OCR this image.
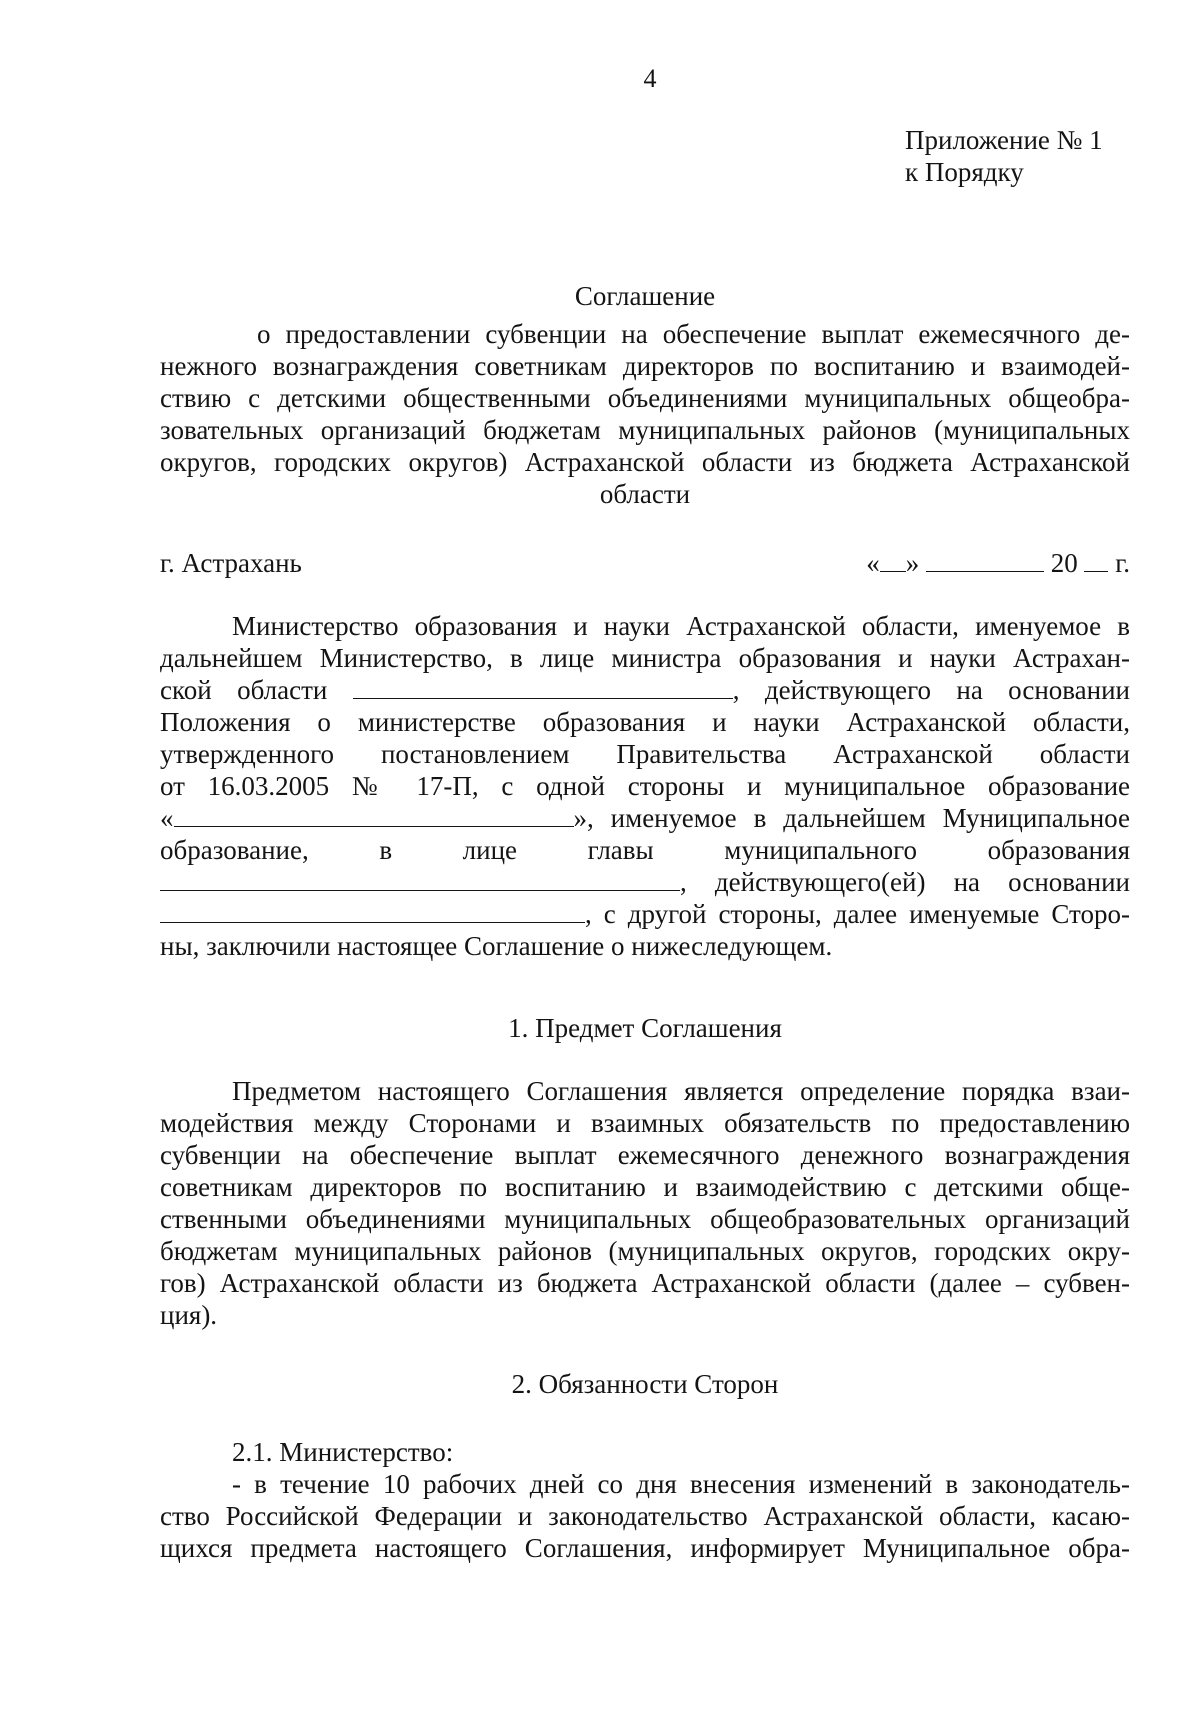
4
Приложение № 1
к Порядку
Соглашение
о предоставлении субвенции на обеспечение выплат ежемесячного де-
нежного вознаграждения советникам директоров по воспитанию и взаимодей-
ствию с детскими общественными объединениями муниципальных общеобра-
зовательных организаций бюджетам муниципальных районов (муниципальных
округов, городских округов) Астраханской области из бюджета Астраханской
области
г. Астрахань	« »	20 г.
Министерство образования и науки Астраханской области, именуемое в
дальнейшем Министерство, в лице министра образования и науки Астрахан-
ской области	, действующего на основании
Положения о министерстве образования и науки Астраханской области,
утвержденного постановлением Правительства Астраханской области
от 16.03.2005 № 17-П, с одной стороны и муниципальное образование
«	», именуемое в дальнейшем Муниципальное
образование, в лице главы муниципального образования
, действующего(ей) на основании
, с другой стороны, далее именуемые Сторо-
ны, заключили настоящее Соглашение о нижеследующем.
1. Предмет Соглашения
Предметом настоящего Соглашения является определение порядка взаи-
модействия между Сторонами и взаимных обязательств по предоставлению
субвенции на обеспечение выплат ежемесячного денежного вознаграждения
советникам директоров по воспитанию и взаимодействию с детскими обще-
ственными объединениями муниципальных общеобразовательных организаций
бюджетам муниципальных районов (муниципальных округов, городских окру-
гов) Астраханской области из бюджета Астраханской области (далее – субвен-
ция).
2. Обязанности Сторон
2.1. Министерство:
- в течение 10 рабочих дней со дня внесения изменений в законодатель-
ство Российской Федерации и законодательство Астраханской области, касаю-
щихся предмета настоящего Соглашения, информирует Муниципальное обра-
